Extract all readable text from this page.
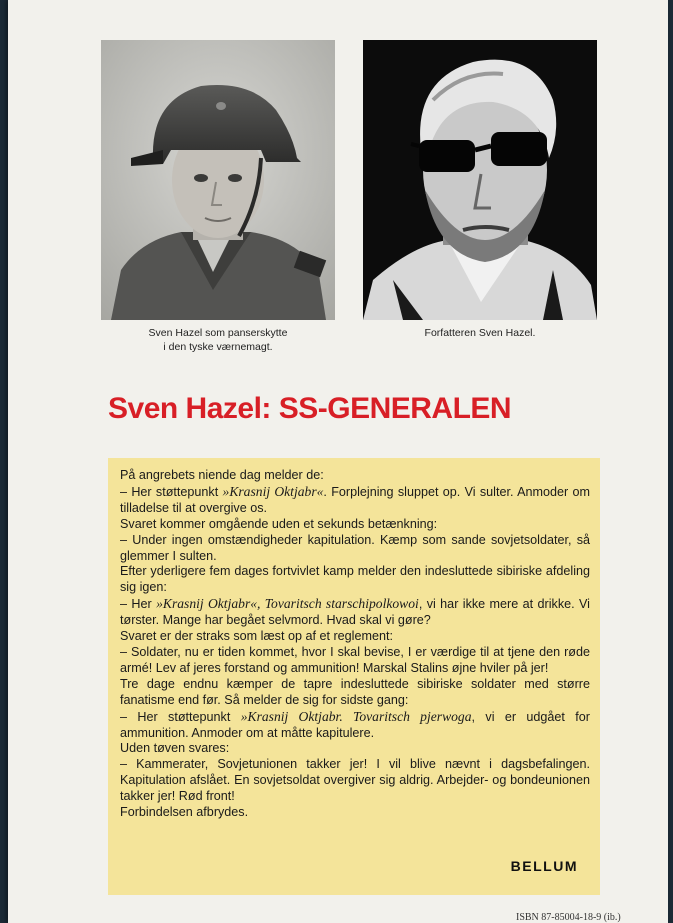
Sven Hazel som panserskytte
i den tyske værnemagt.
Forfatteren Sven Hazel.
Sven Hazel: SS-GENERALEN

På angrebets niende dag melder de:

– Her støttepunkt »Krasnij Oktjabr«. Forplejning sluppet op. Vi sulter. Anmoder om tilladelse til at overgive os.

Svaret kommer omgående uden et sekunds betænkning:

– Under ingen omstændigheder kapitulation. Kæmp som sande sovjetsoldater, så glemmer I sulten.

Efter yderligere fem dages fortvivlet kamp melder den indesluttede sibiriske afdeling sig igen:

– Her »Krasnij Oktjabr«, Tovaritsch starschipolkowoi, vi har ikke mere at drikke. Vi tørster. Mange har begået selvmord. Hvad skal vi gøre?

Svaret er der straks som læst op af et reglement:

– Soldater, nu er tiden kommet, hvor I skal bevise, I er værdige til at tjene den røde armé! Lev af jeres forstand og ammunition! Marskal Stalins øjne hviler på jer!

Tre dage endnu kæmper de tapre indesluttede sibiriske soldater med større fanatisme end før. Så melder de sig for sidste gang:

– Her støttepunkt »Krasnij Oktjabr. Tovaritsch pjerwoga, vi er udgået for ammunition. Anmoder om at måtte kapitulere.

Uden tøven svares:

– Kammerater, Sovjetunionen takker jer! I vil blive nævnt i dagsbefalingen. Kapitulation afslået. En sovjetsoldat overgiver sig aldrig. Arbejder- og bondeunionen takker jer! Rød front!

Forbindelsen afbrydes.

BELLUM
ISBN 87-85004-18-9 (ib.)
